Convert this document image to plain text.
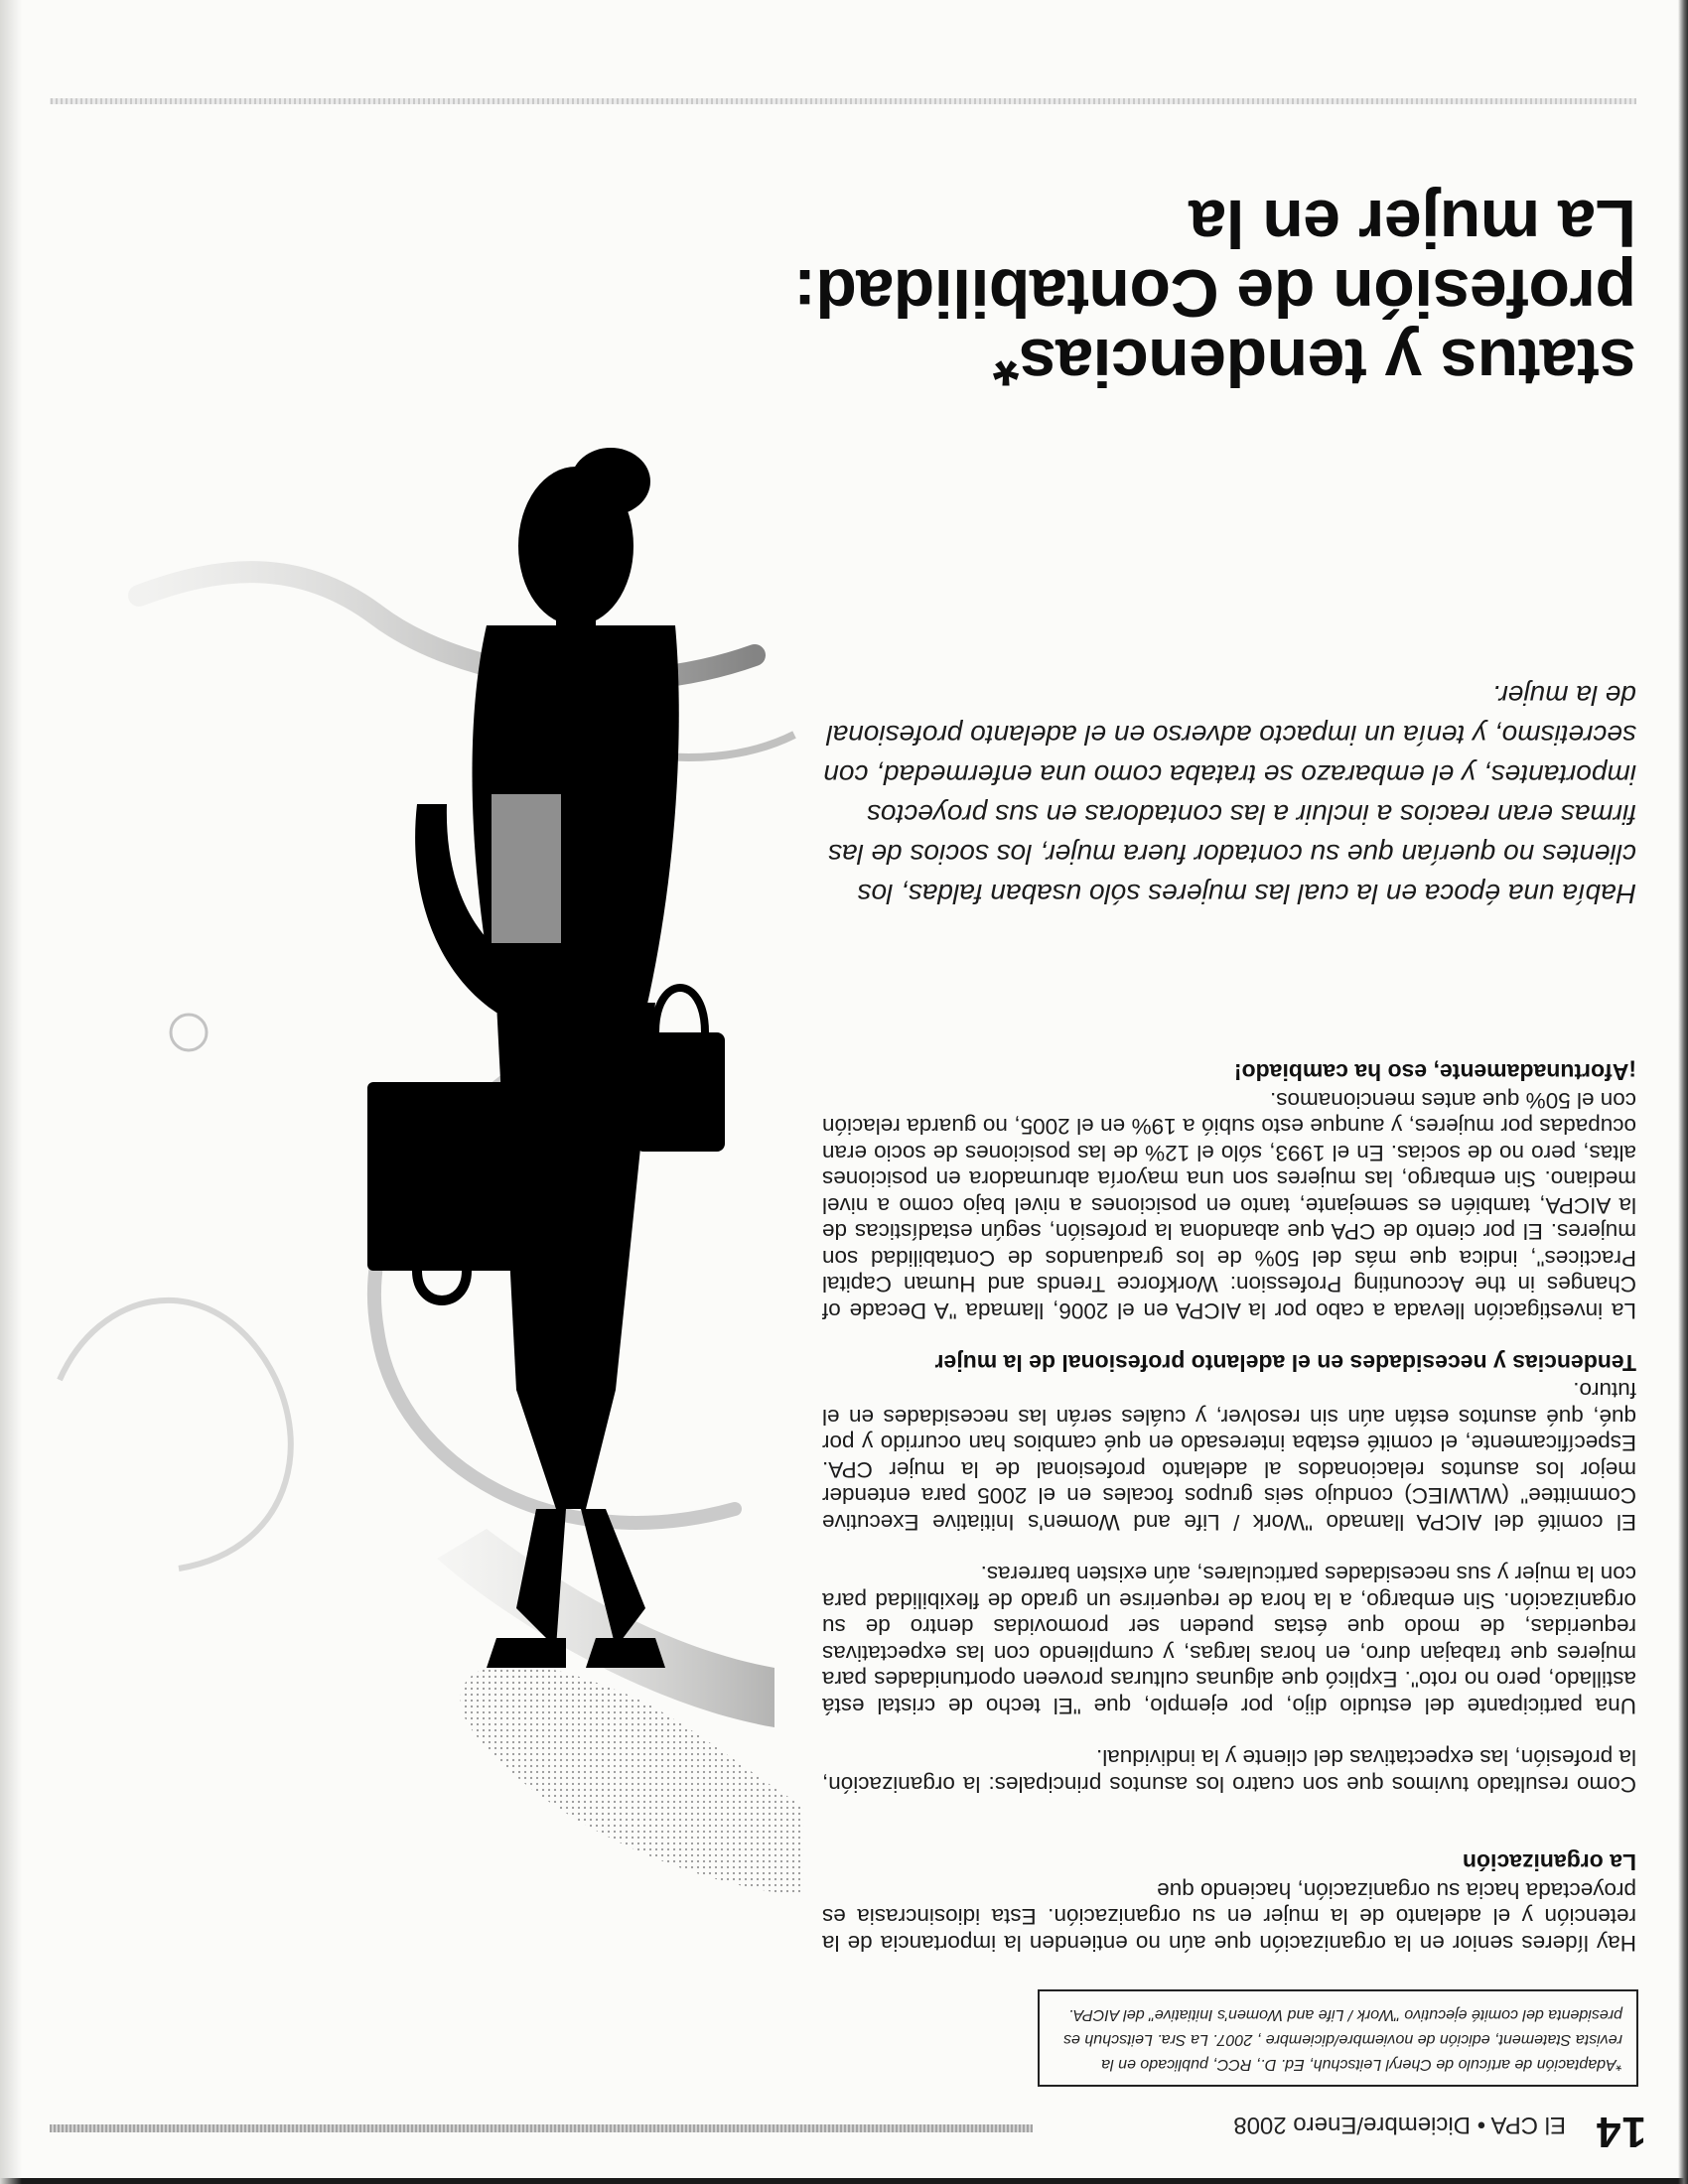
14
El CPA • Diciembre/Enero 2008

*Adaptación de artículo de Cheryl Leitschuh, Ed. D., RCC, publicado en la revista Statement, edición de noviembre/diciembre , 2007. La Sra. Leitschuh es presidenta del comité ejecutivo "Work / Life and Women's Initiative" del AICPA.

Hay líderes senior en la organización que aún no entienden la importancia de la retención y el adelanto de la mujer en su organización. Esta idiosincrasia es proyectada hacia su organización, haciendo que

La organización

Como resultado tuvimos que son cuatro los asuntos principales: la organización, la profesión, las expectativas del cliente y la individual.

Una participante del estudio dijo, por ejemplo, que "El techo de cristal está astillado, pero no roto". Explicó que algunas culturas proveen oportunidades para mujeres que trabajan duro, en horas largas, y cumpliendo con las expectativas requeridas, de modo que éstas pueden ser promovidas dentro de su organización. Sin embargo, a la hora de requerirse un grado de flexibilidad para con la mujer y sus necesidades particulares, aún existen barreras.

El comité del AICPA llamado "Work / Life and Women's Initiative Executive Committee" (WLWIEC) condujo seis grupos focales en el 2005 para entender mejor los asuntos relacionados al adelanto profesional de la mujer CPA. Específicamente, el comité estaba interesado en qué cambios han ocurrido y por qué, qué asuntos están aún sin resolver, y cuáles serán las necesidades en el futuro.

Tendencias y necesidades en el adelanto profesional de la mujer

La investigación llevada a cabo por la AICPA en el 2006, llamada "A Decade of Changes in the Accounting Profession: Workforce Trends and Human Capital Practices", indica que más del 50% de los graduandos de Contabilidad son mujeres. El por ciento de CPA que abandona la profesión, según estadísticas de la AICPA, también es semejante, tanto en posiciones a nivel bajo como a nivel mediano. Sin embargo, las mujeres son una mayoría abrumadora en posiciones altas, pero no de socias. En el 1993, sólo el 12% de las posiciones de socio eran ocupadas por mujeres, y aunque esto subió a 19% en el 2005, no guarda relación con el 50% que antes mencionamos.

¡Afortunadamente, eso ha cambiado!

Había una época en la cual las mujeres sólo usaban faldas, los clientes no querían que su contador fuera mujer, los socios de las firmas eran reacios a incluir a las contadoras en sus proyectos importantes, y el embarazo se trataba como una enfermedad, con secretismo, y tenía un impacto adverso en el adelanto profesional de la mujer.

status y tendencias*
profesión de Contabilidad:
La mujer en la
